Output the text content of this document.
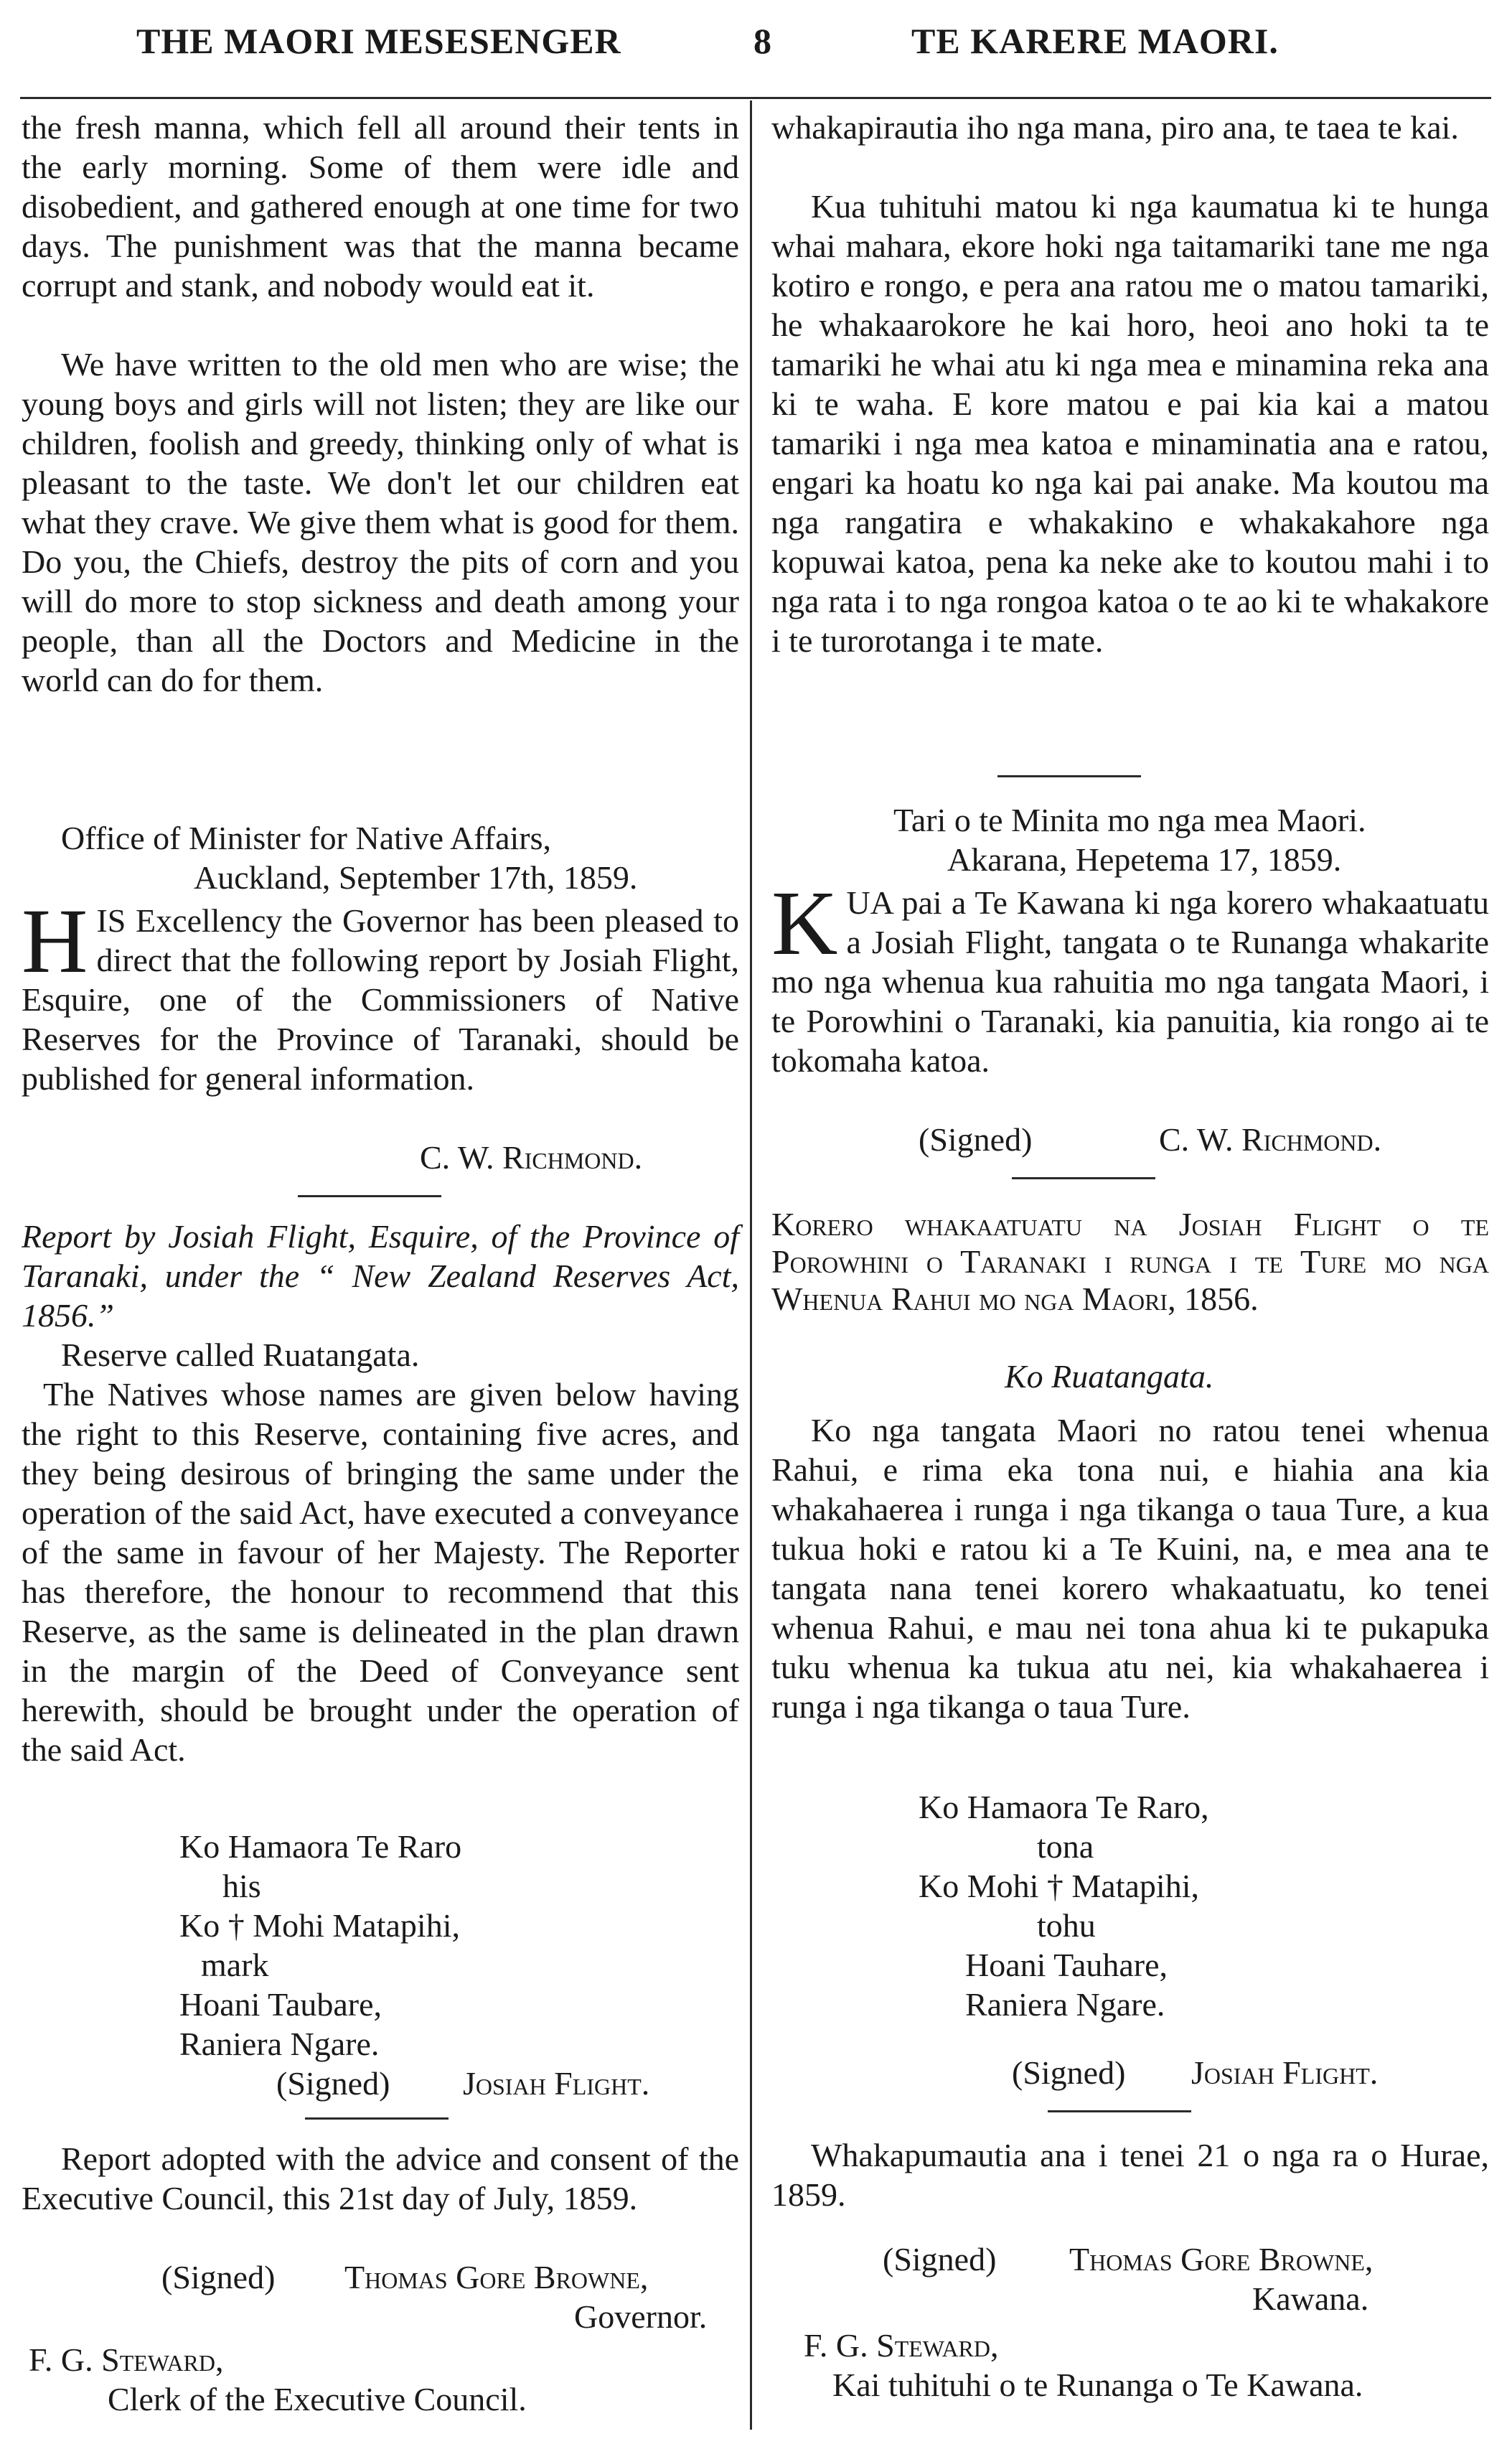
THE MAORI MESESENGER	8	TE KARERE MAORI.
the fresh manna, which fell all around their tents in the early morning. Some of them were idle and disobedient, and gathered enough at one time for two days. The punishment was that the manna became corrupt and stank, and nobody would eat it.
We have written to the old men who are wise; the young boys and girls will not listen; they are like our children, foolish and greedy, thinking only of what is pleasant to the taste. We don't let our children eat what they crave. We give them what is good for them. Do you, the Chiefs, destroy the pits of corn and you will do more to stop sickness and death among your people, than all the Doctors and Medicine in the world can do for them.
Office of Minister for Native Affairs,
Auckland, September 17th, 1859.
H IS Excellency the Governor has been pleased to direct that the following report by Josiah Flight, Esquire, one of the Commissioners of Native Reserves for the Province of Taranaki, should be published for general information.
C. W. Richmond.
Report by Josiah Flight, Esquire, of the Province of Taranaki, under the “ New Zealand Reserves Act, 1856.”
Reserve called Ruatangata.
The Natives whose names are given below having the right to this Reserve, containing five acres, and they being desirous of bringing the same under the operation of the said Act, have executed a conveyance of the same in favour of her Majesty. The Reporter has therefore, the honour to recommend that this Reserve, as the same is delineated in the plan drawn in the margin of the Deed of Conveyance sent herewith, should be brought under the operation of the said Act.
Ko Hamaora Te Raro
his
Ko † Mohi Matapihi,
mark
Hoani Taubare,
Raniera Ngare.
(Signed) Josiah Flight.
Report adopted with the advice and consent of the Executive Council, this 21st day of July, 1859.
(Signed) Thomas Gore Browne,
Governor.
F. G. Steward,
Clerk of the Executive Council.
whakapirautia iho nga mana, piro ana, te taea te kai.
Kua tuhituhi matou ki nga kaumatua ki te hunga whai mahara, ekore hoki nga taitamariki tane me nga kotiro e rongo, e pera ana ratou me o matou tamariki, he whakaarokore he kai horo, heoi ano hoki ta te tamariki he whai atu ki nga mea e minamina reka ana ki te waha. E kore matou e pai kia kai a matou tamariki i nga mea katoa e minaminatia ana e ratou, engari ka hoatu ko nga kai pai anake. Ma koutou ma nga rangatira e whakakino e whakakahore nga kopuwai katoa, pena ka neke ake to koutou mahi i to nga rata i to nga rongoa katoa o te ao ki te whakakore i te turorotanga i te mate.
Tari o te Minita mo nga mea Maori.
Akarana, Hepetema 17, 1859.
K UA pai a Te Kawana ki nga korero whakaatuatu a Josiah Flight, tangata o te Runanga whakarite mo nga whenua kua rahuitia mo nga tangata Maori, i te Porowhini o Taranaki, kia panuitia, kia rongo ai te tokomaha katoa.
(Signed)	C. W. Richmond.
Korero whakaatuatu na Josiah Flight o te Porowhini o Taranaki i runga i te Ture mo nga Whenua Rahui mo nga Maori, 1856.
Ko Ruatangata.
Ko nga tangata Maori no ratou tenei whenua Rahui, e rima eka tona nui, e hiahia ana kia whakahaerea i runga i nga tikanga o taua Ture, a kua tukua hoki e ratou ki a Te Kuini, na, e mea ana te tangata nana tenei korero whakaatuatu, ko tenei whenua Rahui, e mau nei tona ahua ki te pukapuka tuku whenua ka tukua atu nei, kia whakahaerea i runga i nga tikanga o taua Ture.
Ko Hamaora Te Raro,
tona
Ko Mohi † Matapihi,
tohu
Hoani Tauhare,
Raniera Ngare.
(Signed) Josiah Flight.
Whakapumautia ana i tenei 21 o nga ra o Hurae, 1859.
(Signed) Thomas Gore Browne,
Kawana.
F. G. Steward,
Kai tuhituhi o te Runanga o Te Kawana.
